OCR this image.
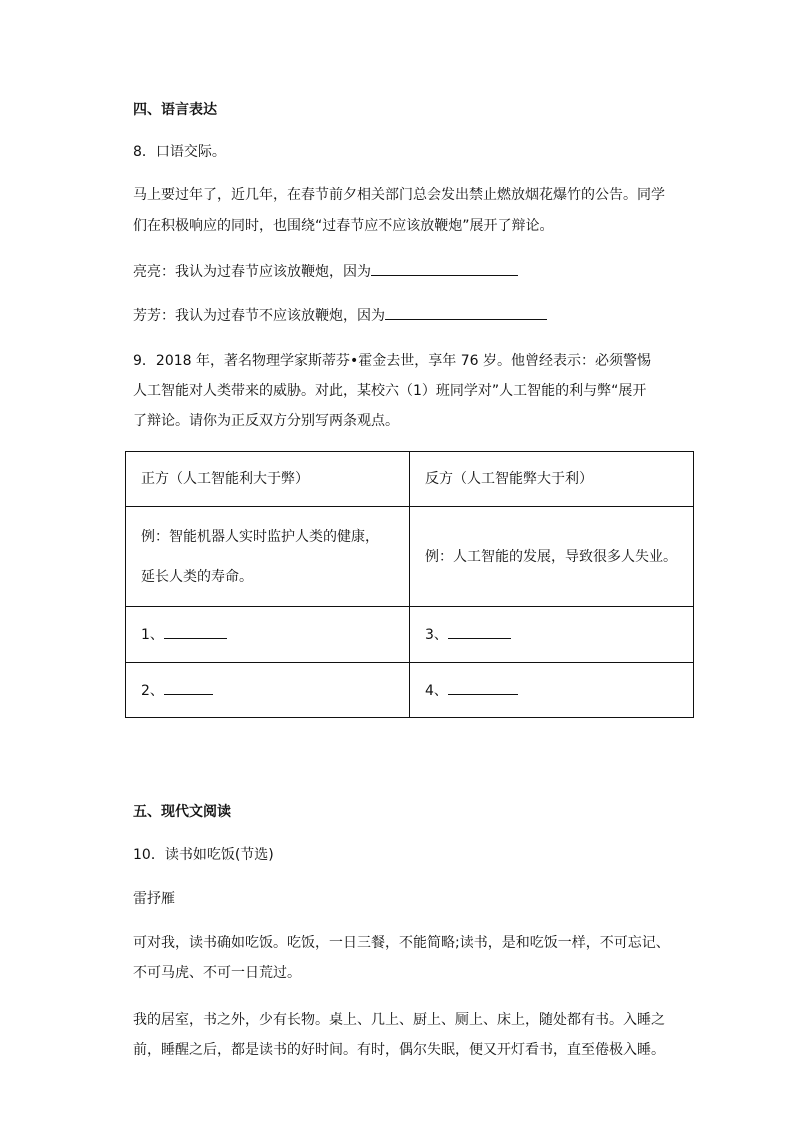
四、语言表达
8．口语交际。
马上要过年了，近几年，在春节前夕相关部门总会发出禁止燃放烟花爆竹的公告。同学
们在积极响应的同时，也围绕“过春节应不应该放鞭炮”展开了辩论。
亮亮：我认为过春节应该放鞭炮，因为
芳芳：我认为过春节不应该放鞭炮，因为
9．2018 年，著名物理学家斯蒂芬•霍金去世，享年 76 岁。他曾经表示：必须警惕
人工智能对人类带来的威胁。对此，某校六（1）班同学对”人工智能的利与弊“展开
了辩论。请你为正反双方分别写两条观点。
正方（人工智能利大于弊）	反方（人工智能弊大于利）

例：智能机器人实时监护人类的健康，
延长人类的寿命。	例：人工智能的发展，导致很多人失业。
1、	3、
2、	4、
五、现代文阅读
10．读书如吃饭(节选)
雷抒雁
可对我，读书确如吃饭。吃饭，一日三餐，不能简略;读书，是和吃饭一样，不可忘记、
不可马虎、不可一日荒过。
我的居室，书之外，少有长物。桌上、几上、厨上、厕上、床上，随处都有书。入睡之
前，睡醒之后，都是读书的好时间。有时，偶尔失眠，便又开灯看书，直至倦极入睡。
